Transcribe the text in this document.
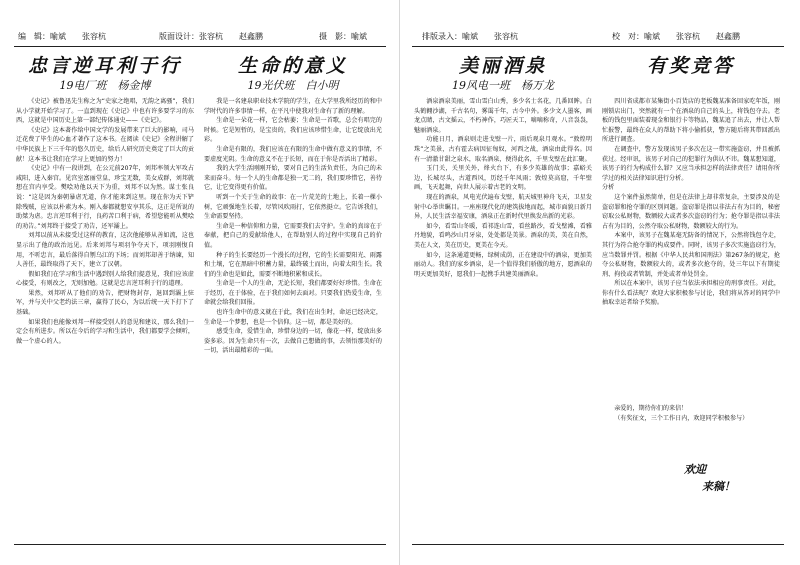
编　辑：喻斌　　张容杭	版面设计：张容杭　　赵鑫鹏	摄　影：喻斌
忠言逆耳利于行
19电厂班　杨金博

《史记》被鲁迅先生称之为“史家之绝唱，无韵之离骚”，我们从小学就开始学习了。一直到现在《史记》中也有许多要学习的东西，这就是中国历史上第一部纪传体通史——《史记》。

《史记》这本著作给中国文学的发展带来了巨大的影响，司马迁花费了毕生的心血才著作了这本书。在阅读《史记》全程讲解了中华民族上下三千年的悠久历史，给后人研究历史奠定了巨大的贡献！这本书让我们在学习上更加的努力！

《史记》中有一段讲到，在公元前207年，刘邦率领大军攻占咸阳，进入秦宫。见宫室富丽堂皇，珍宝无数，美女成群，刘邦就想在宫内享受。樊哙劝他以天下为重，刘邦不以为然。谋士张良说：“这是因为秦朝暴虐无道，你才能来到这里。现在你为天下铲除残贼，应该以朴素为本。刚入秦都就想安享其乐，这正是所说的助桀为虐。忠言逆耳利于行，良药苦口利于病，希望您能听从樊哙的劝告。”刘邦终于接受了劝告，还军灞上。

刘邦以前从未接受过这样的教育，这次他能够从善如流，这也显示出了他的政治远见。后来刘邦与项羽争夺天下，项羽刚愎自用，不听忠言，最后落得自刎乌江的下场；而刘邦却善于纳谏，知人善任，最终取得了天下，建立了汉朝。

假如我们在学习和生活中遇到别人给我们提意见，我们应该虚心接受，有则改之，无则加勉。这就是忠言逆耳利于行的道理。

果然，刘邦听从了他们的劝告，把财物封存，退回到灞上驻军，并与关中父老约法三章，赢得了民心，为以后统一天下打下了基础。

如果我们也能像刘邦一样接受别人的意见和建议，那么我们一定会有所进步。所以在今后的学习和生活中，我们都要学会倾听，做一个虚心的人。

生命的意义
19光伏班　白小明

我是一名建泉职业技术学院的学生，在大学里我所经历的和中学时代的许多事情一样，在平凡中使我对生命有了新的理解。

生命是一朵花一样，它会枯萎；生命是一首歌，总会有唱完的时候。它是短暂的，是宝贵的，我们应该珍惜生命，让它绽放出光彩。

生命是有限的，我们应该在有限的生命中做有意义的事情，不要虚度光阴。生命的意义不在于长短，而在于你是否活出了精彩。

我的大学生活刚刚开始，要对自己的生活负责任，为自己的未来而奋斗。每一个人的生命都是独一无二的，我们要珍惜它，善待它，让它变得更有价值。

听到一个关于生命的故事：在一片荒芜的土地上，长着一棵小树，它顽强地生长着，尽管风吹雨打，它依然挺立。它告诉我们，生命需要坚持。

生命是一种信仰和力量，它需要我们去守护。生命的真谛在于奉献，把自己的爱献给他人，在帮助别人的过程中实现自己的价值。

种子的生长要经历一个漫长的过程，它的生长需要阳光、雨露和土壤，它在黑暗中积蓄力量，最终破土而出，向着太阳生长。我们的生命也是如此，需要不断地积累和成长。

生命是一个人的生命，无论长短，我们都要好好珍惜。生命在于经历，在于体验，在于我们如何去面对。只要我们热爱生命，生命就会给我们回报。

也许生命中的意义就在于此，我们在出生时，命运已经决定，生命是一个梦想，也是一个信仰。这一切，都是美好的。

感受生命，爱惜生命，珍惜身边的一切，像花一样，绽放出多姿多彩。因为生命只有一次，去做自己想做的事，去领悟那美好的一切，活出最精彩的一面。

排版录入：喻斌　　张容杭	校　对：喻斌　　张容杭　　赵鑫鹏
美丽酒泉
19风电一班　杨万龙

酒泉酒泉美丽，雪山雪白山秀，多少名士名花，几番回眸。白头鹤翱沙湖，千古名句，雾霭千年，古今中外。多少文人墨客，画龙点睛，古文摇云，不朽神作，巧匠天工，嘀嘀称奇，八音袅袅，魅丽酒泉。

功能日月，酒泉则走进戈壁一片，雨后观泉月观水。“敦煌明珠”之美景，古有霍去病因征匈奴，河西之战，酒泉由此得名。因有一清澈甘甜之泉水，取名酒泉，便得此名，千里戈壁在此汇聚。

玉门关，关里关外，烽火台下，有多少英雄的故事；嘉峪关边，长城尽头，古道西风，历经千年风雨；敦煌莫高窟，千年壁画，飞天起舞，向世人展示着古老的文明。

现在的酒泉，风电光伏遍布戈壁，航天城里神舟飞天，卫星发射中心举世瞩目。一座座现代化的建筑拔地而起，城市面貌日新月异，人民生活幸福安康，酒泉正在新时代里焕发出新的光彩。

如今，看雪山冬暖，看祁连山雪，看丝路沙，看戈壁滩，看雅丹地貌，看鸣沙山月牙泉，处处都是美景。酒泉的美，美在自然，美在人文，美在历史，更美在今天。

如今，这条通道更畅，绿树成荫，正在建设中的酒泉，更加美丽动人。我们的家乡酒泉，是一个值得我们骄傲的地方，愿酒泉的明天更加美好，愿我们一起携手共建美丽酒泉。

有奖竞答

四川省成都市某集街小百货店的老板魏某准备回家吃年饭，刚刚锁店出门，突然就有一个在酒泉的自己的头上，将钱包夺去。老板的钱包里面装着现金和银行卡等物品，魏某追了出去，并让人帮忙报警，最终在众人的帮助下将小偷抓获，警方随后将其带回派出所进行调查。

在调查中，警方发现该男子多次在这一带实施盗窃，并且被抓获过。经审讯，该男子对自己的犯罪行为供认不讳。魏某想知道，该男子的行为构成什么罪？又应当承担怎样的法律责任？请用你所学过的相关法律知识进行分析。

分析

这个案件虽然简单，但是在法律上却非常复杂，主要涉及的是盗窃罪和抢夺罪的区别问题。盗窃罪是指以非法占有为目的，秘密窃取公私财物，数额较大或者多次盗窃的行为；抢夺罪是指以非法占有为目的，公然夺取公私财物，数额较大的行为。

本案中，该男子在魏某毫无防备的情况下，公然将钱包夺走，其行为符合抢夺罪的构成要件。同时，该男子多次实施盗窃行为，应当数罪并罚。根据《中华人民共和国刑法》第267条的规定，抢夺公私财物，数额较大的，或者多次抢夺的，处三年以下有期徒刑、拘役或者管制，并处或者单处罚金。

所以在本案中，该男子应当依法承担相应的刑事责任。对此，你有什么看法呢？欢迎大家积极参与讨论，我们将从答对的同学中抽取幸运者给予奖励。

亲爱的，期待你们的来信！

（有奖征文，三个工作日内，欢迎同学积极参与）

欢迎
来稿！
